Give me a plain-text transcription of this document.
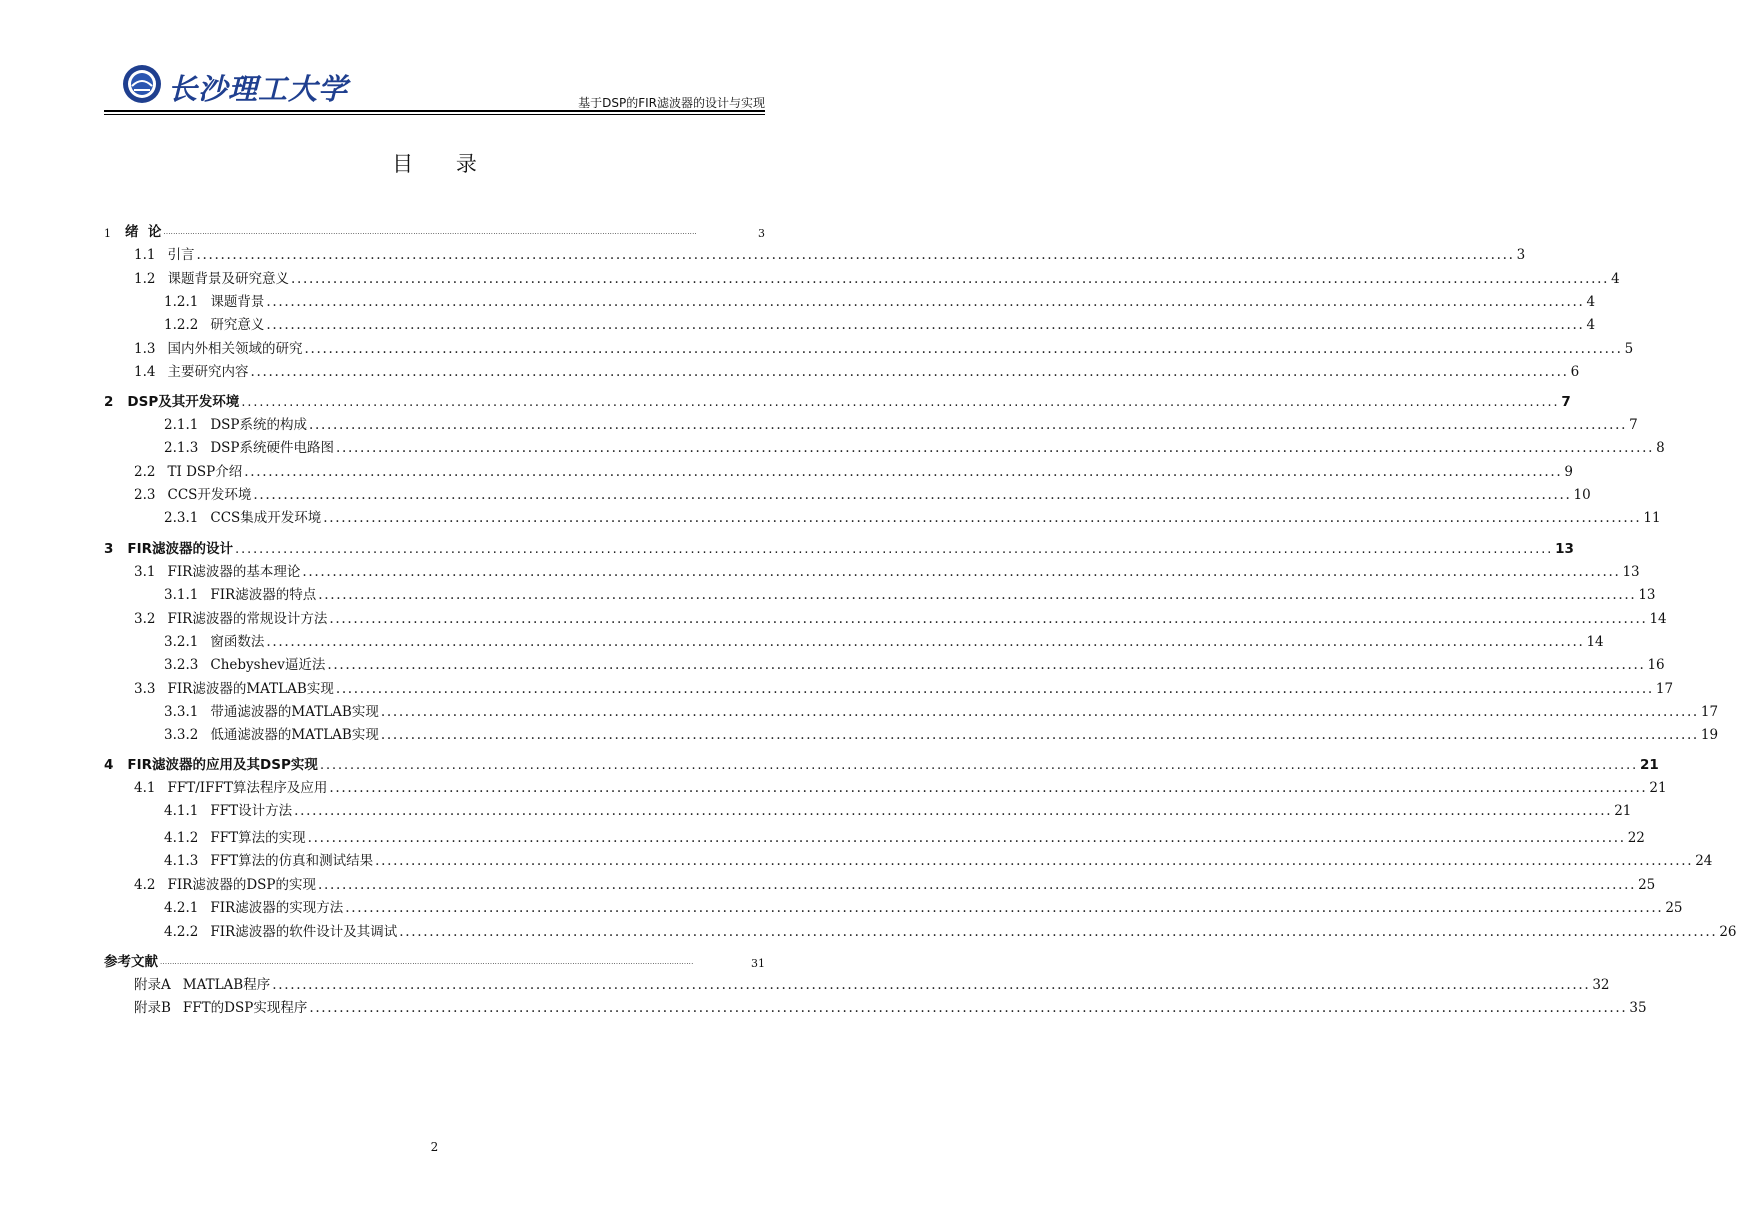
长沙理工大学	基于DSP的FIR滤波器的设计与实现
目 录
1 绪  论 ............................................................................................................................................................................................................................	3
1.1 引言 ............................................................................................................................................................................................................................ 3
1.2 课题背景及研究意义 ............................................................................................................................................................................................................................ 4
1.2.1 课题背景 ............................................................................................................................................................................................................................ 4
1.2.2 研究意义 ............................................................................................................................................................................................................................ 4
1.3 国内外相关领域的研究 ............................................................................................................................................................................................................................ 5
1.4 主要研究内容 ............................................................................................................................................................................................................................ 6
2 DSP及其开发环境 ............................................................................................................................................................................................................................ 7
2.1.1 DSP系统的构成 ............................................................................................................................................................................................................................ 7
2.1.3 DSP系统硬件电路图 ............................................................................................................................................................................................................................ 8
2.2 TI DSP介绍 ............................................................................................................................................................................................................................ 9
2.3 CCS开发环境 ............................................................................................................................................................................................................................ 10
2.3.1 CCS集成开发环境 ............................................................................................................................................................................................................................ 11
3 FIR滤波器的设计 ............................................................................................................................................................................................................................ 13
3.1 FIR滤波器的基本理论 ............................................................................................................................................................................................................................ 13
3.1.1 FIR滤波器的特点 ............................................................................................................................................................................................................................ 13
3.2 FIR滤波器的常规设计方法 ............................................................................................................................................................................................................................ 14
3.2.1 窗函数法 ............................................................................................................................................................................................................................ 14
3.2.3 Chebyshev逼近法 ............................................................................................................................................................................................................................ 16
3.3 FIR滤波器的MATLAB实现 ............................................................................................................................................................................................................................ 17
3.3.1 带通滤波器的MATLAB实现 ............................................................................................................................................................................................................................ 17
3.3.2 低通滤波器的MATLAB实现 ............................................................................................................................................................................................................................ 19
4 FIR滤波器的应用及其DSP实现 ............................................................................................................................................................................................................................ 21
4.1 FFT/IFFT算法程序及应用 ............................................................................................................................................................................................................................ 21
4.1.1 FFT设计方法 ............................................................................................................................................................................................................................ 21
4.1.2 FFT算法的实现 ............................................................................................................................................................................................................................ 22
4.1.3 FFT算法的仿真和测试结果 ............................................................................................................................................................................................................................ 24
4.2 FIR滤波器的DSP的实现 ............................................................................................................................................................................................................................ 25
4.2.1 FIR滤波器的实现方法 ............................................................................................................................................................................................................................ 25
4.2.2 FIR滤波器的软件设计及其调试 ............................................................................................................................................................................................................................ 26
参考文献 ............................................................................................................................................................................................................................	31
附录A MATLAB程序 ............................................................................................................................................................................................................................ 32
附录B FFT的DSP实现程序 ............................................................................................................................................................................................................................ 35
2
